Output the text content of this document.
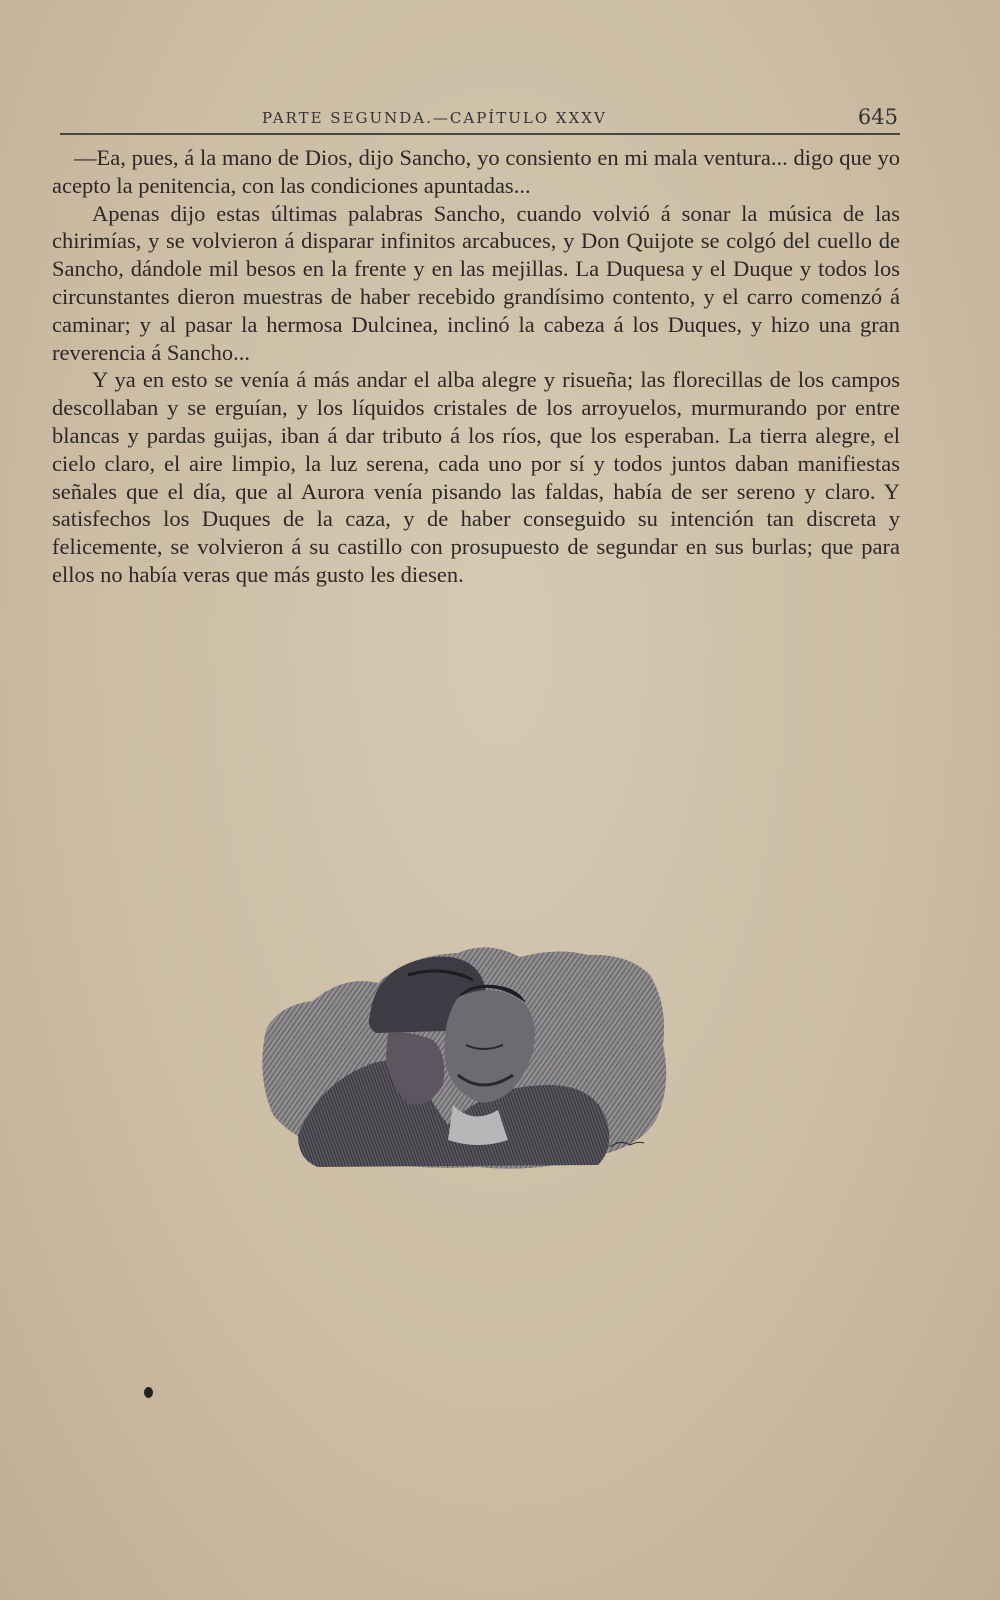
PARTE SEGUNDA.—CAPÍTULO XXXV	645

—Ea, pues, á la mano de Dios, dijo Sancho, yo consiento en mi mala ventura... digo que yo acepto la penitencia, con las condiciones apuntadas...

Apenas dijo estas últimas palabras Sancho, cuando volvió á sonar la música de las chirimías, y se volvieron á disparar infinitos arcabuces, y Don Quijote se colgó del cuello de Sancho, dándole mil besos en la frente y en las mejillas. La Duquesa y el Duque y todos los circunstantes dieron muestras de haber recebido grandísimo contento, y el carro comenzó á caminar; y al pasar la hermosa Dulcinea, inclinó la cabeza á los Duques, y hizo una gran reverencia á Sancho...

Y ya en esto se venía á más andar el alba alegre y risueña; las florecillas de los campos descollaban y se erguían, y los líquidos cristales de los arroyuelos, murmurando por entre blancas y pardas guijas, iban á dar tributo á los ríos, que los esperaban. La tierra alegre, el cielo claro, el aire limpio, la luz serena, cada uno por sí y todos juntos daban manifiestas señales que el día, que al Aurora venía pisando las faldas, había de ser sereno y claro. Y satisfechos los Duques de la caza, y de haber conseguido su intención tan discreta y felicemente, se volvieron á su castillo con prosupuesto de segundar en sus burlas; que para ellos no había veras que más gusto les diesen.
